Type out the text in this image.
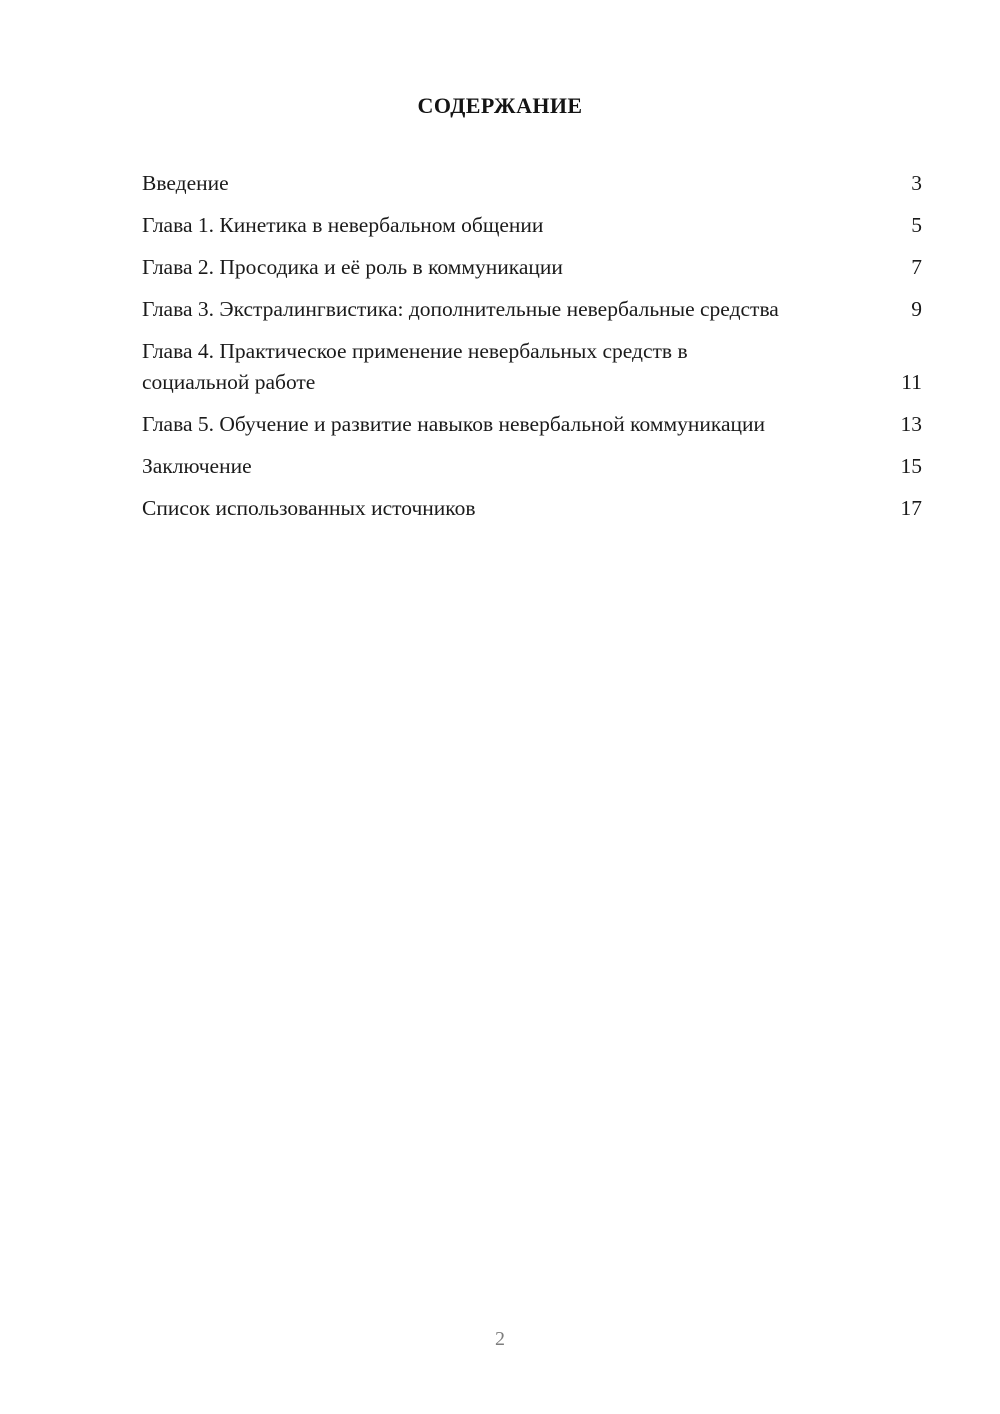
СОДЕРЖАНИЕ
Введение	3
Глава 1. Кинетика в невербальном общении	5
Глава 2. Просодика и её роль в коммуникации	7
Глава 3. Экстралингвистика: дополнительные невербальные средства	9
Глава 4. Практическое применение невербальных средств в социальной работе	11
Глава 5. Обучение и развитие навыков невербальной коммуникации	13
Заключение	15
Список использованных источников	17
2
